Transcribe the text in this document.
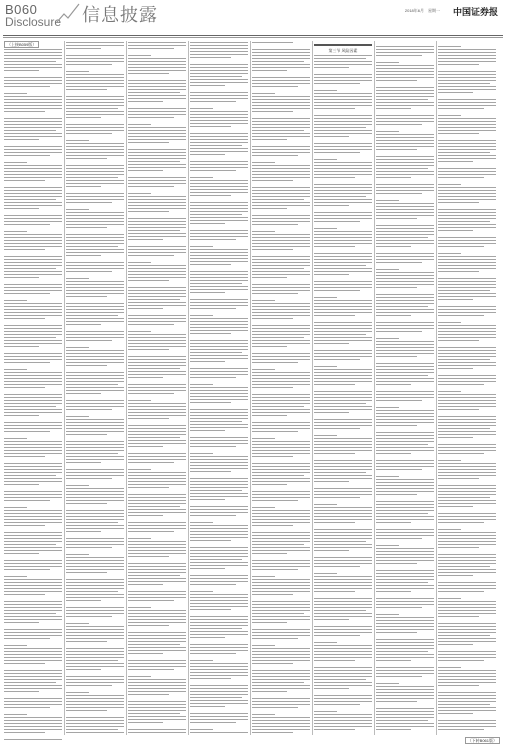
B060
Disclosure 信息披露	2018年6月　星期一 中国证券报
（上接B059版）
第三节 风险因素
（下转B061版）
